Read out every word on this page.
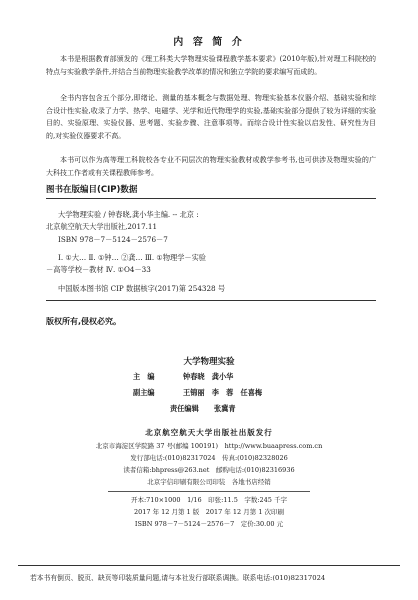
内 容 简 介

本书是根据教育部颁发的《理工科类大学物理实验课程教学基本要求》(2010年版),针对理工科院校的特点与实验教学条件,并结合当前物理实验教学改革的情况和独立学院的要求编写而成的。

全书内容包含五个部分,即绪论、测量的基本概念与数据处理、物理实验基本仪器介绍、基础实验和综合设计性实验,收录了力学、热学、电磁学、光学和近代物理学的实验,基础实验部分提供了较为详细的实验目的、实验原理、实验仪器、思考题、实验步骤、注意事项等。而综合设计性实验以启发性、研究性为目的,对实验仪器要求不高。

本书可以作为高等理工科院校各专业不同层次的物理实验教材或教学参考书,也可供涉及物理实验的广大科技工作者或有关课程教师参考。

图书在版编目(CIP)数据
大学物理实验 / 钟春晓,龚小华主编. -- 北京 :
北京航空航天大学出版社,2017.11
ISBN 978－7－5124－2576－7
Ⅰ. ①大… Ⅱ. ①钟… ②龚… Ⅲ. ①物理学－实验
－高等学校－教材 Ⅳ. ①O4－33
中国版本图书馆 CIP 数据核字(2017)第 254328 号
版权所有,侵权必究。
大学物理实验
主　编	钟春晓　龚小华
副主编	王锦丽　李　蓉　任喜梅
责任编辑 张冀青
北京航空航天大学出版社出版发行
北京市海淀区学院路 37 号(邮编 100191)　http://www.buaapress.com.cn
发行部电话:(010)82317024　传真:(010)82328026
读者信箱:bhpress@263.net　邮购电话:(010)82316936
北京宇信印刷有限公司印装　各地书店经销
开本:710×1000　1/16　印张:11.5　字数:245 千字
2017 年 12 月第 1 版　2017 年 12 月第 1 次印刷
ISBN 978－7－5124－2576－7　定价:30.00 元
若本书有倒页、脱页、缺页等印装质量问题,请与本社发行部联系调换。联系电话:(010)82317024
